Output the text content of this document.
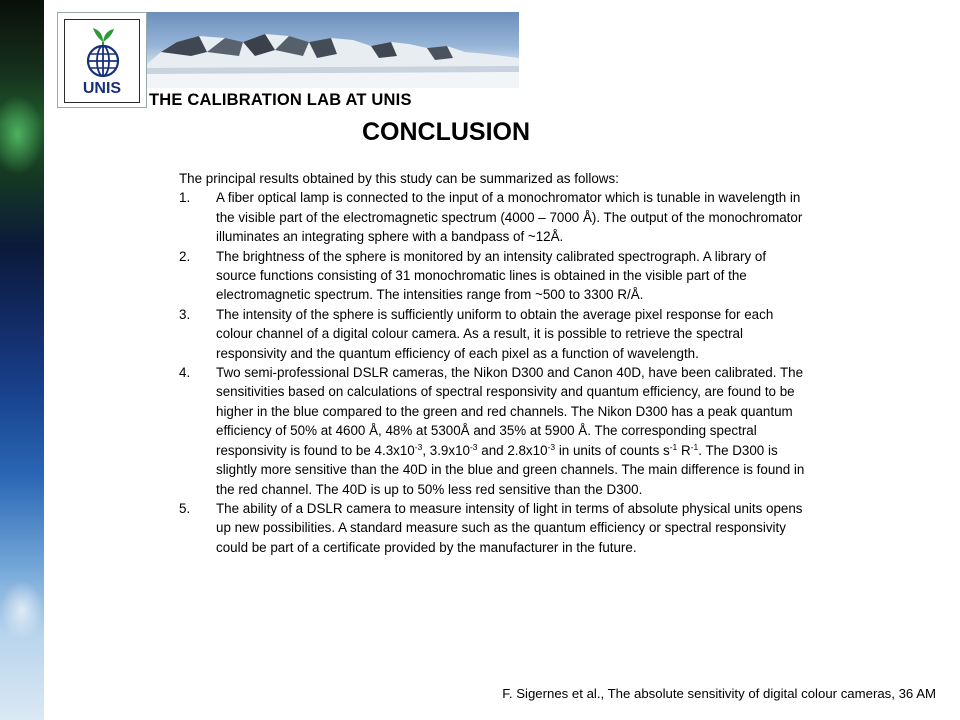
UNIS
THE CALIBRATION LAB AT UNIS
CONCLUSION

The principal results obtained by this study can be summarized as follows:

1. A fiber optical lamp is connected to the input of a monochromator which is tunable in wavelength in the visible part of the electromagnetic spectrum (4000 – 7000 Å). The output of the monochromator illuminates an integrating sphere with a bandpass of ~12Å.
2. The brightness of the sphere is monitored by an intensity calibrated spectrograph. A library of source functions consisting of 31 monochromatic lines is obtained in the visible part of the electromagnetic spectrum. The intensities range from ~500 to 3300 R/Å.
3. The intensity of the sphere is sufficiently uniform to obtain the average pixel response for each colour channel of a digital colour camera. As a result, it is possible to retrieve the spectral responsivity and the quantum efficiency of each pixel as a function of wavelength.
4. Two semi-professional DSLR cameras, the Nikon D300 and Canon 40D, have been calibrated. The sensitivities based on calculations of spectral responsivity and quantum efficiency, are found to be higher in the blue compared to the green and red channels. The Nikon D300 has a peak quantum efficiency of 50% at 4600 Å, 48% at 5300Å and 35% at 5900 Å. The corresponding spectral responsivity is found to be $4.3x10^{-3}$, $3.9x10^{-3}$ and $2.8x10^{-3}$ in units of counts $s^{-1}$ $R^{-1}$. The D300 is slightly more sensitive than the 40D in the blue and green channels. The main difference is found in the red channel. The 40D is up to 50% less red sensitive than the D300.
5. The ability of a DSLR camera to measure intensity of light in terms of absolute physical units opens up new possibilities. A standard measure such as the quantum efficiency or spectral responsivity could be part of a certificate provided by the manufacturer in the future.
F. Sigernes et al., The absolute sensitivity of digital colour cameras, 36 AM
